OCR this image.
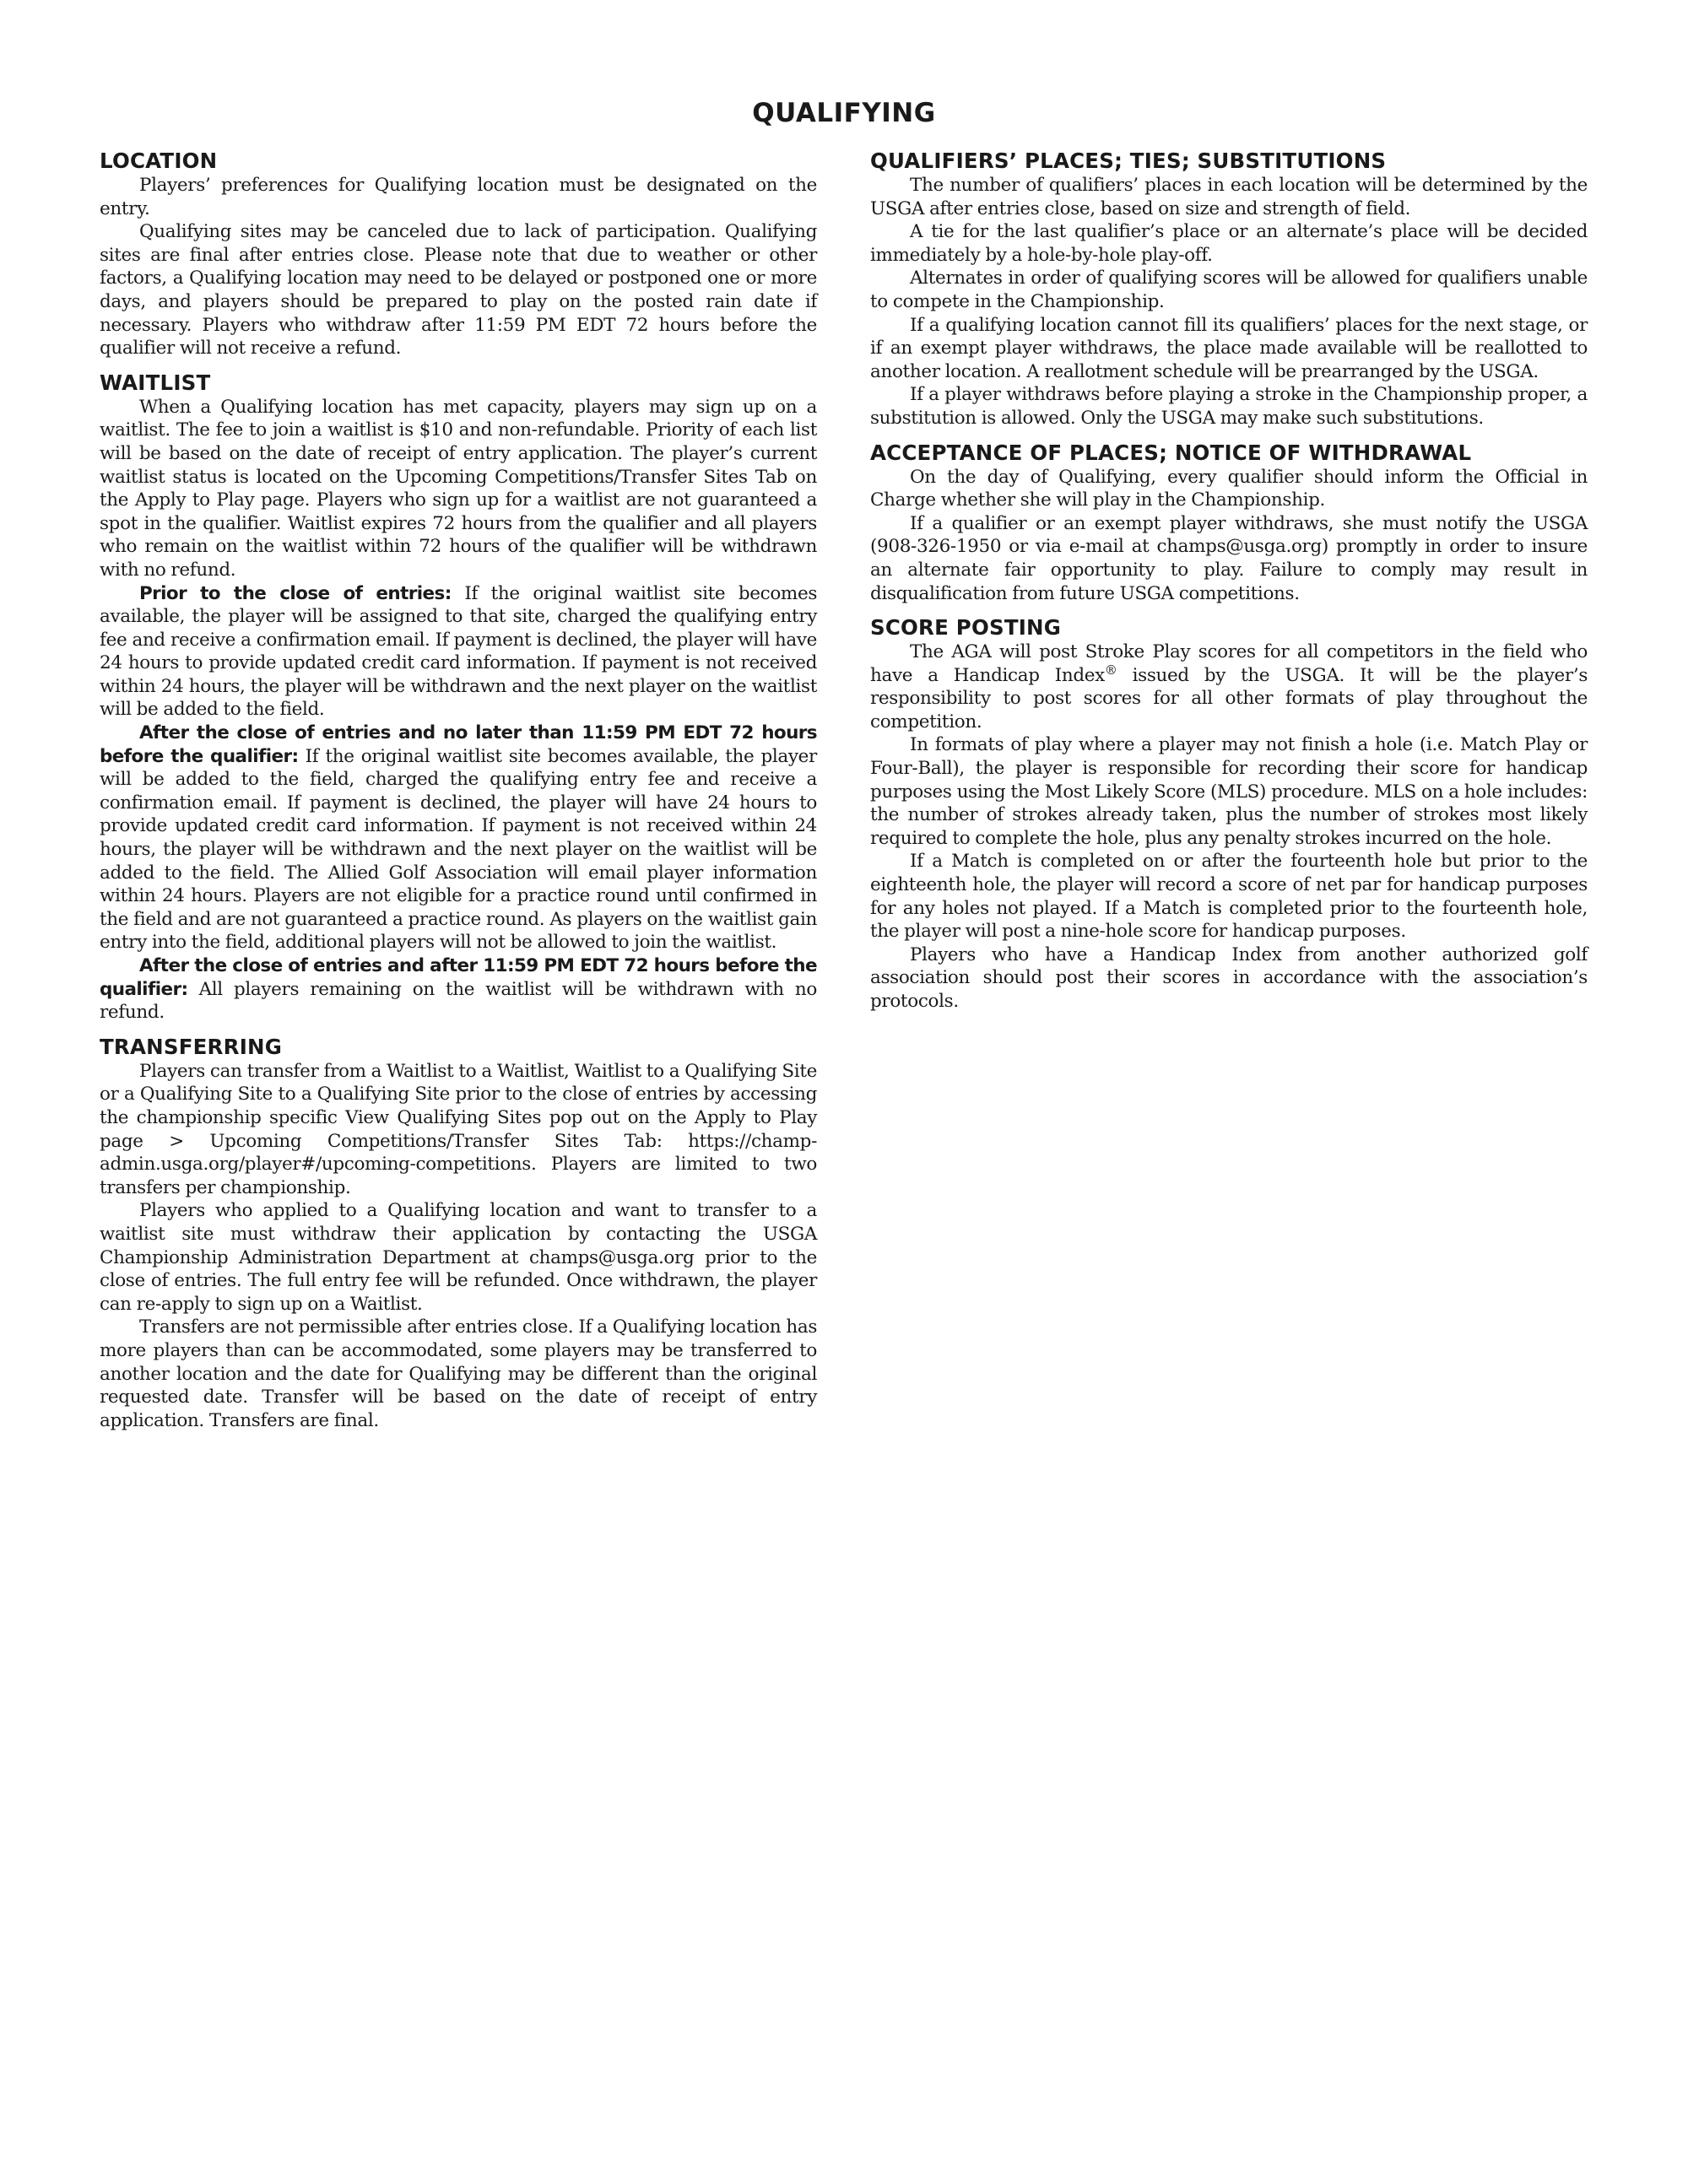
QUALIFYING
LOCATION

Players’ preferences for Qualifying location must be designated on the entry.

Qualifying sites may be canceled due to lack of participation. Qualifying sites are final after entries close. Please note that due to weather or other factors, a Qualifying location may need to be delayed or postponed one or more days, and players should be prepared to play on the posted rain date if necessary. Players who withdraw after 11:59 PM EDT 72 hours before the qualifier will not receive a refund.

WAITLIST

When a Qualifying location has met capacity, players may sign up on a waitlist. The fee to join a waitlist is $10 and non-refundable. Priority of each list will be based on the date of receipt of entry application. The player’s current waitlist status is located on the Upcoming Competitions/Transfer Sites Tab on the Apply to Play page. Players who sign up for a waitlist are not guaranteed a spot in the qualifier. Waitlist expires 72 hours from the qualifier and all players who remain on the waitlist within 72 hours of the qualifier will be withdrawn with no refund.

Prior to the close of entries: If the original waitlist site becomes available, the player will be assigned to that site, charged the qualifying entry fee and receive a confirmation email. If payment is declined, the player will have 24 hours to provide updated credit card information. If payment is not received within 24 hours, the player will be withdrawn and the next player on the waitlist will be added to the field.

After the close of entries and no later than 11:59 PM EDT 72 hours before the qualifier: If the original waitlist site becomes available, the player will be added to the field, charged the qualifying entry fee and receive a confirmation email. If payment is declined, the player will have 24 hours to provide updated credit card information. If payment is not received within 24 hours, the player will be withdrawn and the next player on the waitlist will be added to the field. The Allied Golf Association will email player information within 24 hours. Players are not eligible for a practice round until confirmed in the field and are not guaranteed a practice round. As players on the waitlist gain entry into the field, additional players will not be allowed to join the waitlist.

After the close of entries and after 11:59 PM EDT 72 hours before the qualifier: All players remaining on the waitlist will be withdrawn with no refund.

TRANSFERRING

Players can transfer from a Waitlist to a Waitlist, Waitlist to a Qualifying Site or a Qualifying Site to a Qualifying Site prior to the close of entries by accessing the championship specific View Qualifying Sites pop out on the Apply to Play page > Upcoming Competitions/Transfer Sites Tab: https://champ-admin.usga.org/player#/upcoming-competitions. Players are limited to two transfers per championship.

Players who applied to a Qualifying location and want to transfer to a waitlist site must withdraw their application by contacting the USGA Championship Administration Department at champs@usga.org prior to the close of entries. The full entry fee will be refunded. Once withdrawn, the player can re-apply to sign up on a Waitlist.

Transfers are not permissible after entries close. If a Qualifying location has more players than can be accommodated, some players may be transferred to another location and the date for Qualifying may be different than the original requested date. Transfer will be based on the date of receipt of entry application. Transfers are final.

QUALIFIERS’ PLACES; TIES; SUBSTITUTIONS

The number of qualifiers’ places in each location will be determined by the USGA after entries close, based on size and strength of field.

A tie for the last qualifier’s place or an alternate’s place will be decided immediately by a hole-by-hole play-off.

Alternates in order of qualifying scores will be allowed for qualifiers unable to compete in the Championship.

If a qualifying location cannot fill its qualifiers’ places for the next stage, or if an exempt player withdraws, the place made available will be reallotted to another location. A reallotment schedule will be prearranged by the USGA.

If a player withdraws before playing a stroke in the Championship proper, a substitution is allowed. Only the USGA may make such substitutions.

ACCEPTANCE OF PLACES; NOTICE OF WITHDRAWAL

On the day of Qualifying, every qualifier should inform the Official in Charge whether she will play in the Championship.

If a qualifier or an exempt player withdraws, she must notify the USGA (908-326-1950 or via e-mail at champs@usga.org) promptly in order to insure an alternate fair opportunity to play. Failure to comply may result in disqualification from future USGA competitions.

SCORE POSTING

The AGA will post Stroke Play scores for all competitors in the field who have a Handicap Index® issued by the USGA. It will be the player’s responsibility to post scores for all other formats of play throughout the competition.

In formats of play where a player may not finish a hole (i.e. Match Play or Four-Ball), the player is responsible for recording their score for handicap purposes using the Most Likely Score (MLS) procedure. MLS on a hole includes: the number of strokes already taken, plus the number of strokes most likely required to complete the hole, plus any penalty strokes incurred on the hole.

If a Match is completed on or after the fourteenth hole but prior to the eighteenth hole, the player will record a score of net par for handicap purposes for any holes not played. If a Match is completed prior to the fourteenth hole, the player will post a nine-hole score for handicap purposes.

Players who have a Handicap Index from another authorized golf association should post their scores in accordance with the association’s protocols.
